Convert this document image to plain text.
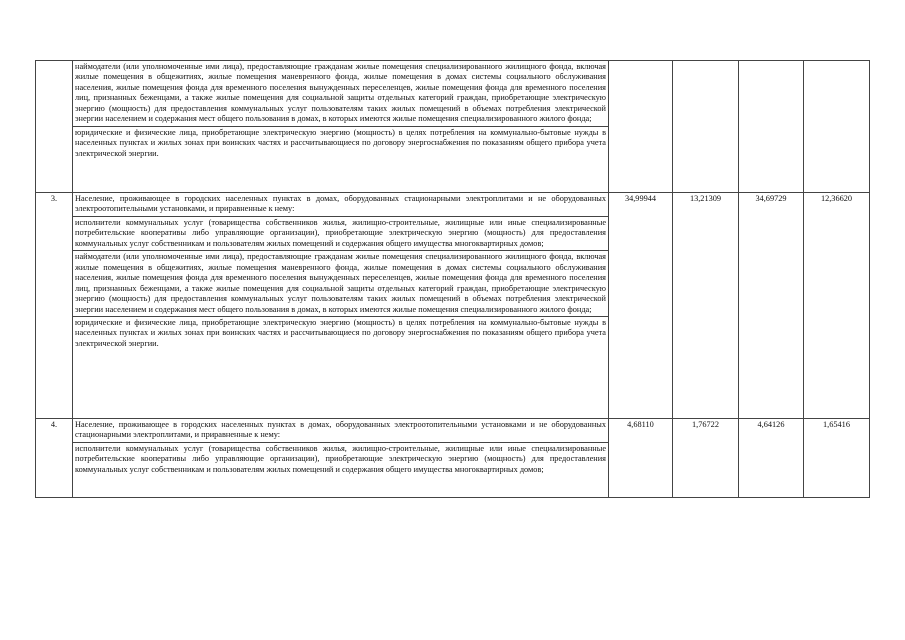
	наймодатели (или уполномоченные ими лица), предоставляющие гражданам жилые помещения специализированного жилищного фонда, включая жилые помещения в общежитиях, жилые помещения маневренного фонда, жилые помещения в домах системы социального обслуживания населения, жилые помещения фонда для временного поселения вынужденных переселенцев, жилые помещения фонда для временного поселения лиц, признанных беженцами, а также жилые помещения для социальной защиты отдельных категорий граждан, приобретающие электрическую энергию (мощность) для предоставления коммунальных услуг пользователям таких жилых помещений в объемах потребления электрической энергии населением и содержания мест общего пользования в домах, в которых имеются жилые помещения специализированного жилого фонда;
юридические и физические лица, приобретающие электрическую энергию (мощность) в целях потребления на коммунально-бытовые нужды в населенных пунктах и жилых зонах при воинских частях и рассчитывающиеся по договору энергоснабжения по показаниям общего прибора учета электрической энергии.				

3.	Население, проживающее в городских населенных пунктах в домах, оборудованных стационарными электроплитами и не оборудованных электроотопительными установками, и приравненные к нему:
исполнители коммунальных услуг (товарищества собственников жилья, жилищно-строительные, жилищные или иные специализированные потребительские кооперативы либо управляющие организации), приобретающие электрическую энергию (мощность) для предоставления коммунальных услуг собственникам и пользователям жилых помещений и содержания общего имущества многоквартирных домов;
наймодатели (или уполномоченные ими лица), предоставляющие гражданам жилые помещения специализированного жилищного фонда, включая жилые помещения в общежитиях, жилые помещения маневренного фонда, жилые помещения в домах системы социального обслуживания населения, жилые помещения фонда для временного поселения вынужденных переселенцев, жилые помещения фонда для временного поселения лиц, признанных беженцами, а также жилые помещения для социальной защиты отдельных категорий граждан, приобретающие электрическую энергию (мощность) для предоставления коммунальных услуг пользователям таких жилых помещений в объемах потребления электрической энергии населением и содержания мест общего пользования в домах, в которых имеются жилые помещения специализированного жилого фонда;
юридические и физические лица, приобретающие электрическую энергию (мощность) в целях потребления на коммунально-бытовые нужды в населенных пунктах и жилых зонах при воинских частях и рассчитывающиеся по договору энергоснабжения по показаниям общего прибора учета электрической энергии.	34,99944	13,21309	34,69729	12,36620
4.	Население, проживающее в городских населенных пунктах в домах, оборудованных электроотопительными установками и не оборудованных стационарными электроплитами, и приравненные к нему:
исполнители коммунальных услуг (товарищества собственников жилья, жилищно-строительные, жилищные или иные специализированные потребительские кооперативы либо управляющие организации), приобретающие электрическую энергию (мощность) для предоставления коммунальных услуг собственникам и пользователям жилых помещений и содержания общего имущества многоквартирных домов;	4,68110	1,76722	4,64126	1,65416
